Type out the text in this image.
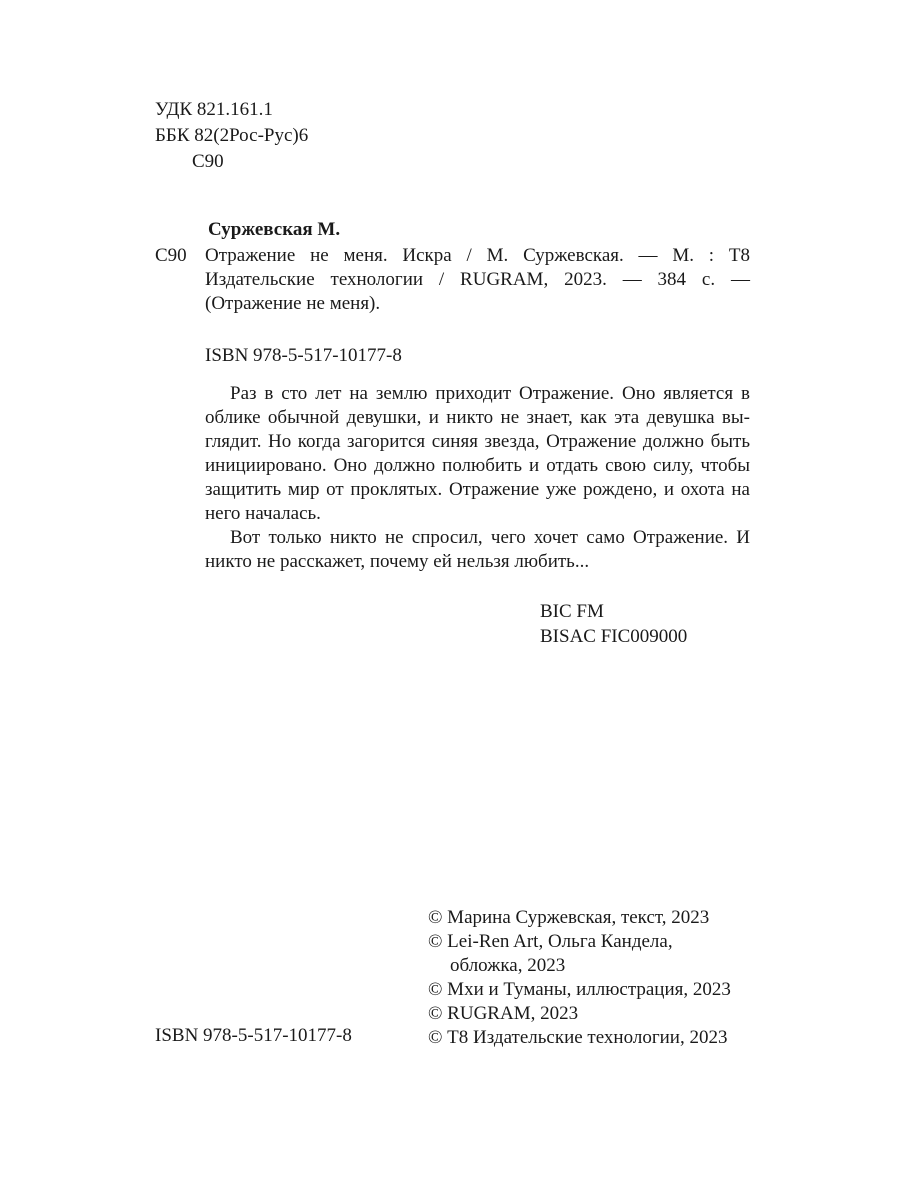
УДК 821.161.1
ББК 82(2Рос-Рус)6
С90
Суржевская М.
С90 Отражение не меня. Искра / М. Суржевская. — М. : Т8
Издательские технологии / RUGRAM, 2023. — 384 с. —
(Отражение не меня).
ISBN 978-5-517-10177-8
Раз в сто лет на землю приходит Отражение. Оно является в
облике обычной девушки, и никто не знает, как эта девушка вы-
глядит. Но когда загорится синяя звезда, Отражение должно быть
инициировано. Оно должно полюбить и отдать свою силу, чтобы
защитить мир от проклятых. Отражение уже рождено, и охота на
него началась.
Вот только никто не спросил, чего хочет само Отражение. И
никто не расскажет, почему ей нельзя любить...
BIC FM
BISAC FIC009000
ISBN 978-5-517-10177-8
© Марина Суржевская, текст, 2023
© Lei-Ren Art, Ольга Кандела,
обложка, 2023
© Мхи и Туманы, иллюстрация, 2023
© RUGRAM, 2023
© Т8 Издательские технологии, 2023
